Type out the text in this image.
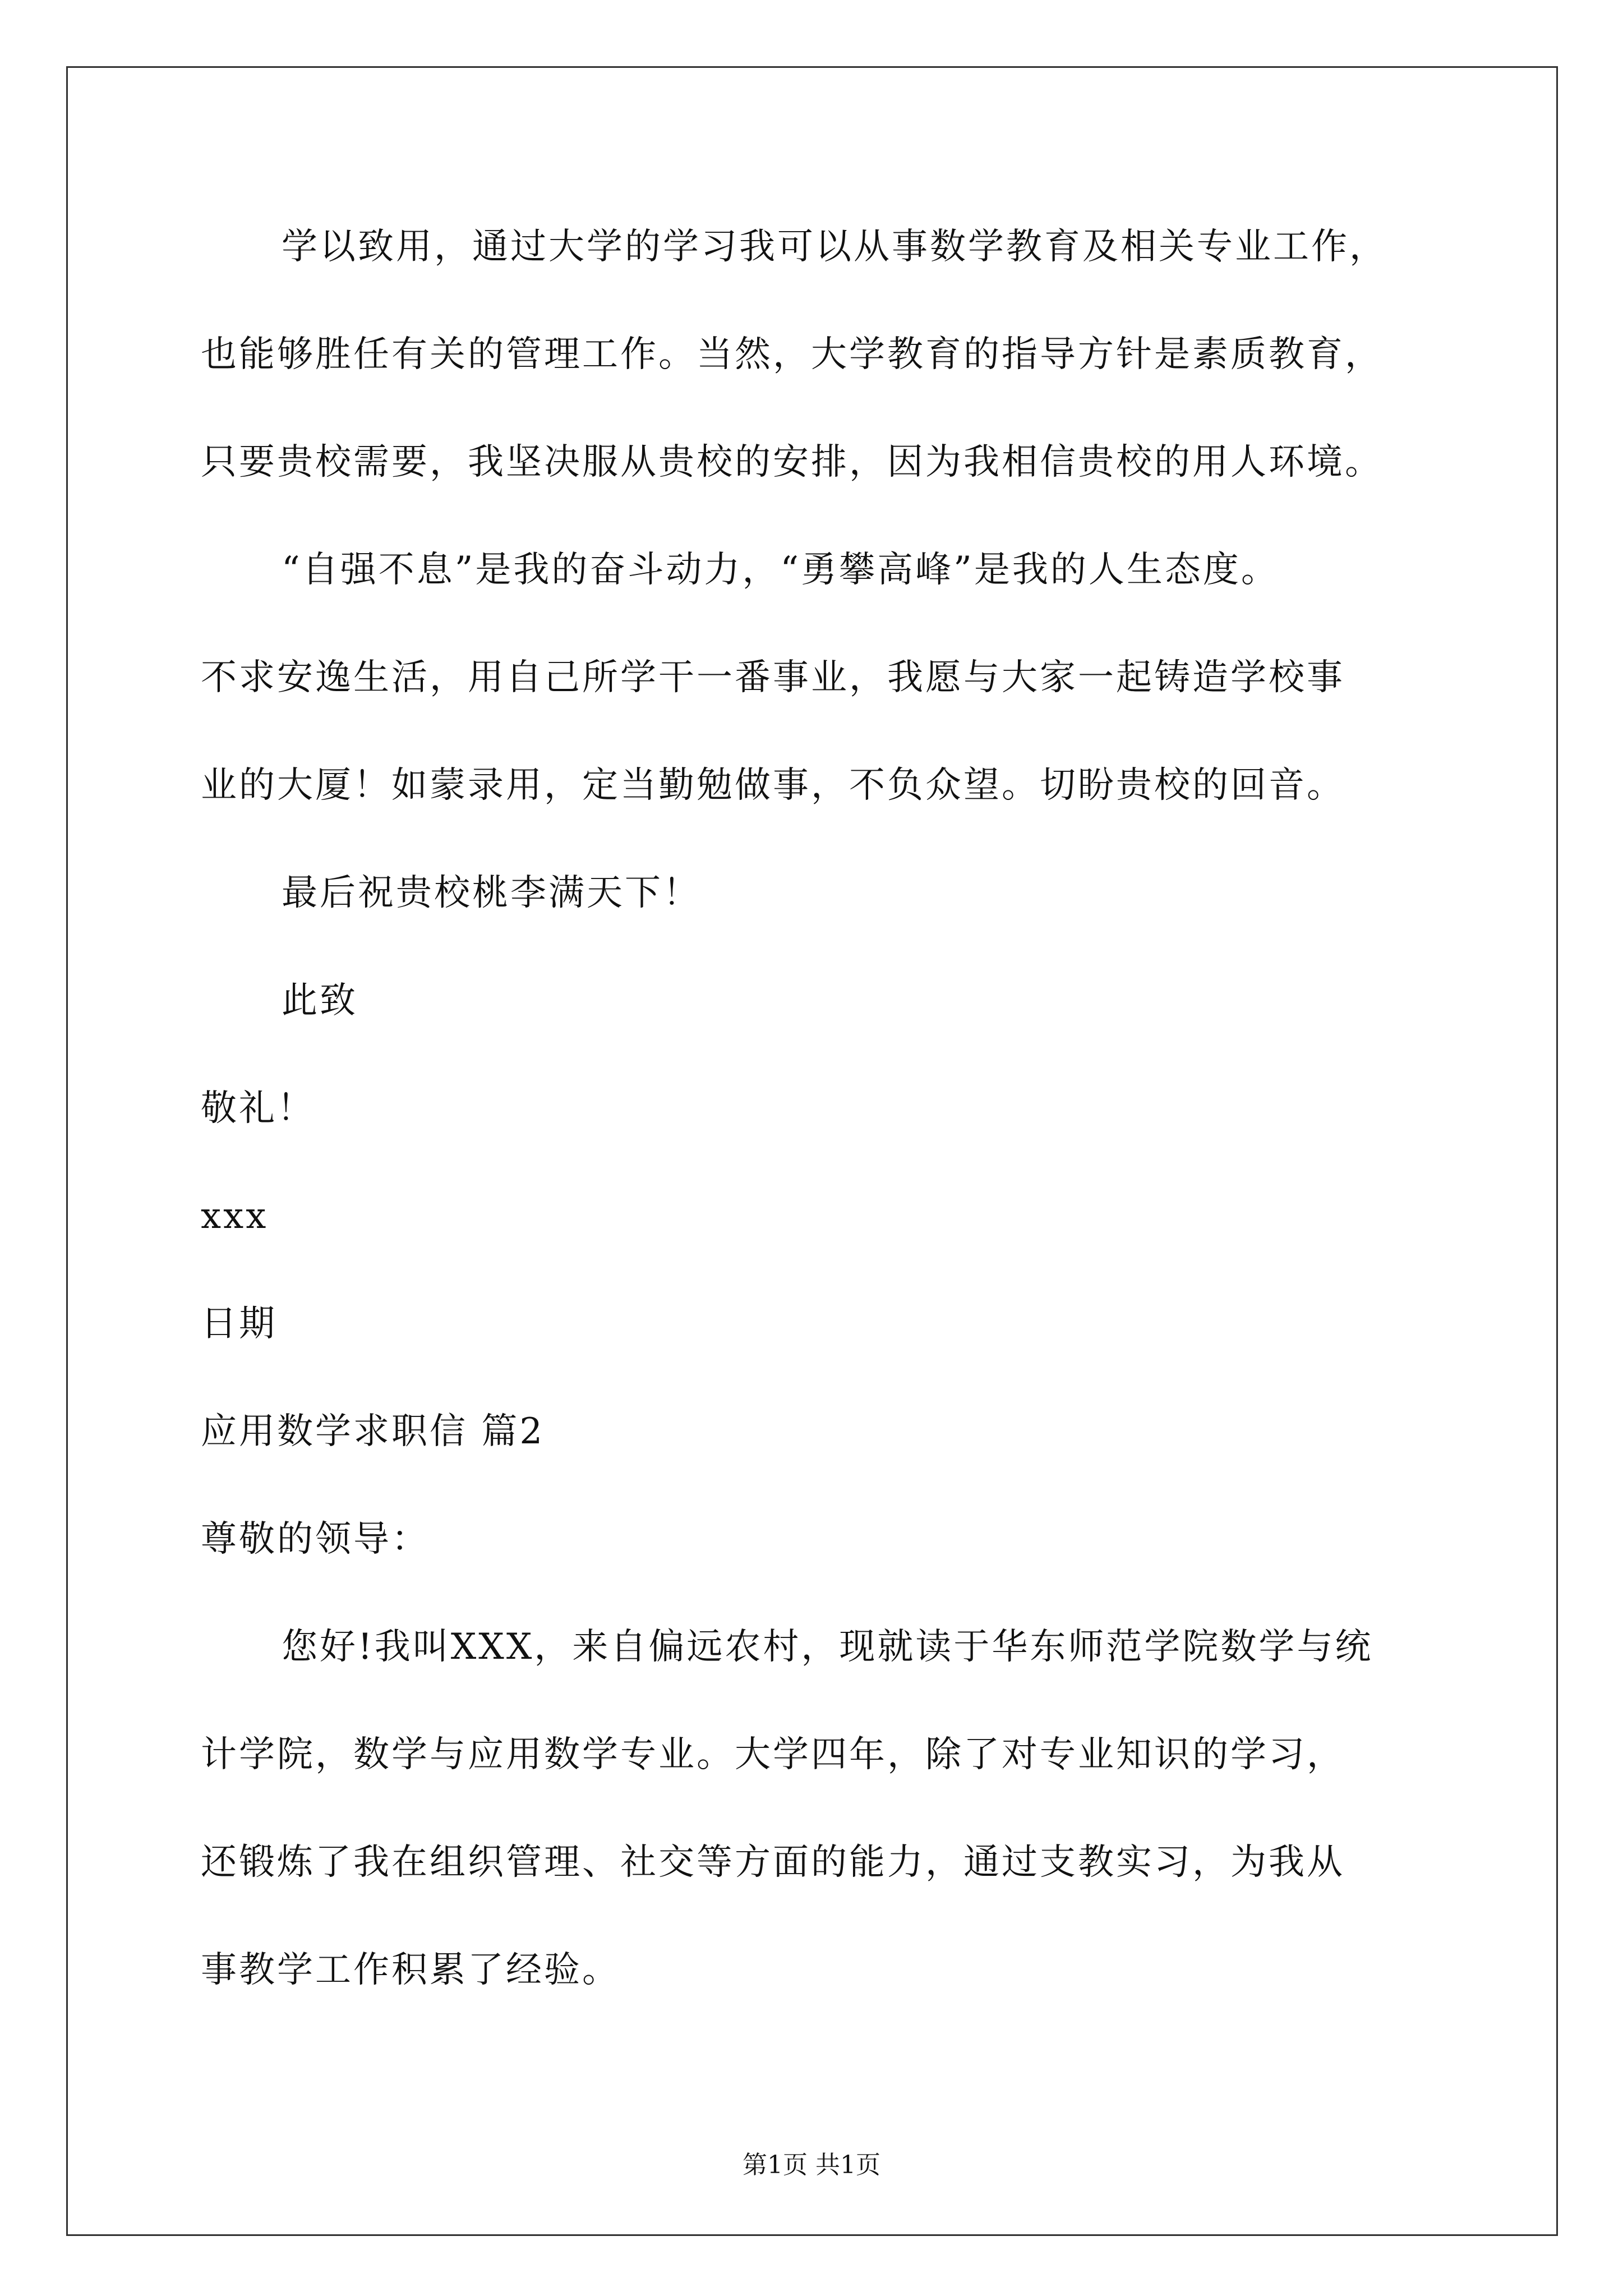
学以致用，通过大学的学习我可以从事数学教育及相关专业工作，
也能够胜任有关的管理工作。当然，大学教育的指导方针是素质教育，
只要贵校需要，我坚决服从贵校的安排，因为我相信贵校的用人环境。
“自强不息”是我的奋斗动力，“勇攀高峰”是我的人生态度。
不求安逸生活，用自己所学干一番事业，我愿与大家一起铸造学校事
业的大厦！如蒙录用，定当勤勉做事，不负众望。切盼贵校的回音。
最后祝贵校桃李满天下！
此致
敬礼！
xxx
日期
应用数学求职信 篇2
尊敬的领导：
您好!我叫XXX，来自偏远农村，现就读于华东师范学院数学与统
计学院，数学与应用数学专业。大学四年，除了对专业知识的学习，
还锻炼了我在组织管理、社交等方面的能力，通过支教实习，为我从
事教学工作积累了经验。
第1页 共1页
